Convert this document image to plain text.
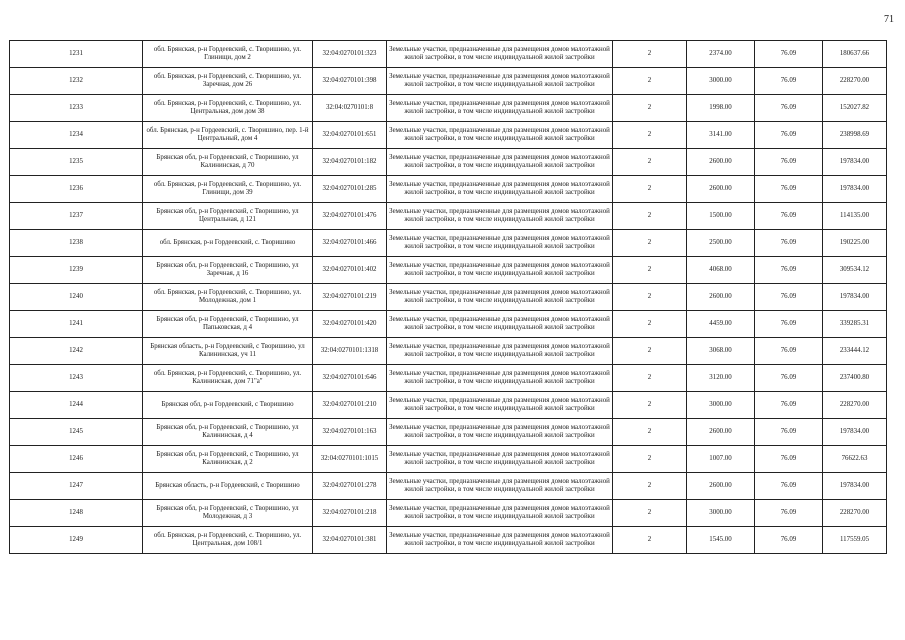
71
1231	обл. Брянская, р-н Гордеевский, с. Творишино, ул. Глинищи, дом 2	32:04:0270101:323	Земельные участки, предназначенные для размещения домов малоэтажной жилой застройки, в том числе индивидуальной жилой застройки	2	2374.00	76.09	180637.66
1232	обл. Брянская, р-н Гордеевский, с. Творишино, ул. Заречная, дом 26	32:04:0270101:398	Земельные участки, предназначенные для размещения домов малоэтажной жилой застройки, в том числе индивидуальной жилой застройки	2	3000.00	76.09	228270.00
1233	обл. Брянская, р-н Гордеевский, с. Творишино, ул. Центральная, дом дом 38	32:04:0270101:8	Земельные участки, предназначенные для размещения домов малоэтажной жилой застройки, в том числе индивидуальной жилой застройки	2	1998.00	76.09	152027.82
1234	обл. Брянская, р-н Гордеевский, с. Творишино, пер. 1-й Центральный, дом 4	32:04:0270101:651	Земельные участки, предназначенные для размещения домов малоэтажной жилой застройки, в том числе индивидуальной жилой застройки	2	3141.00	76.09	238998.69
1235	Брянская обл, р-н Гордеевский, с Творишино, ул Калининская, д 70	32:04:0270101:182	Земельные участки, предназначенные для размещения домов малоэтажной жилой застройки, в том числе индивидуальной жилой застройки	2	2600.00	76.09	197834.00
1236	обл. Брянская, р-н Гордеевский, с. Творишино, ул. Глинищи, дом 39	32:04:0270101:285	Земельные участки, предназначенные для размещения домов малоэтажной жилой застройки, в том числе индивидуальной жилой застройки	2	2600.00	76.09	197834.00
1237	Брянская обл, р-н Гордеевский, с Творишино, ул Центральная, д 121	32:04:0270101:476	Земельные участки, предназначенные для размещения домов малоэтажной жилой застройки, в том числе индивидуальной жилой застройки	2	1500.00	76.09	114135.00
1238	обл. Брянская, р-н Гордеевский, с. Творишино	32:04:0270101:466	Земельные участки, предназначенные для размещения домов малоэтажной жилой застройки, в том числе индивидуальной жилой застройки	2	2500.00	76.09	190225.00
1239	Брянская обл, р-н Гордеевский, с Творишино, ул Заречная, д 16	32:04:0270101:402	Земельные участки, предназначенные для размещения домов малоэтажной жилой застройки, в том числе индивидуальной жилой застройки	2	4068.00	76.09	309534.12
1240	обл. Брянская, р-н Гордеевский, с. Творишино, ул. Молодежная, дом 1	32:04:0270101:219	Земельные участки, предназначенные для размещения домов малоэтажной жилой застройки, в том числе индивидуальной жилой застройки	2	2600.00	76.09	197834.00
1241	Брянская обл, р-н Гордеевский, с Творишино, ул Папьковская, д 4	32:04:0270101:420	Земельные участки, предназначенные для размещения домов малоэтажной жилой застройки, в том числе индивидуальной жилой застройки	2	4459.00	76.09	339285.31
1242	Брянская область, р-н Гордеевский, с Творишино, ул Калининская, уч 11	32:04:0270101:1318	Земельные участки, предназначенные для размещения домов малоэтажной жилой застройки, в том числе индивидуальной жилой застройки	2	3068.00	76.09	233444.12
1243	обл. Брянская, р-н Гордеевский, с. Творишино, ул. Калининская, дом 71"а"	32:04:0270101:646	Земельные участки, предназначенные для размещения домов малоэтажной жилой застройки, в том числе индивидуальной жилой застройки	2	3120.00	76.09	237400.80
1244	Брянская обл, р-н Гордеевский, с Творишино	32:04:0270101:210	Земельные участки, предназначенные для размещения домов малоэтажной жилой застройки, в том числе индивидуальной жилой застройки	2	3000.00	76.09	228270.00
1245	Брянская обл, р-н Гордеевский, с Творишино, ул Калининская, д 4	32:04:0270101:163	Земельные участки, предназначенные для размещения домов малоэтажной жилой застройки, в том числе индивидуальной жилой застройки	2	2600.00	76.09	197834.00
1246	Брянская обл, р-н Гордеевский, с Творишино, ул Калининская, д 2	32:04:0270101:1015	Земельные участки, предназначенные для размещения домов малоэтажной жилой застройки, в том числе индивидуальной жилой застройки	2	1007.00	76.09	76622.63
1247	Брянская область, р-н Гордеевский, с Творишино	32:04:0270101:278	Земельные участки, предназначенные для размещения домов малоэтажной жилой застройки, в том числе индивидуальной жилой застройки	2	2600.00	76.09	197834.00
1248	Брянская обл, р-н Гордеевский, с Творишино, ул Молодежная, д 3	32:04:0270101:218	Земельные участки, предназначенные для размещения домов малоэтажной жилой застройки, в том числе индивидуальной жилой застройки	2	3000.00	76.09	228270.00
1249	обл. Брянская, р-н Гордеевский, с. Творишино, ул. Центральная, дом 108/1	32:04:0270101:381	Земельные участки, предназначенные для размещения домов малоэтажной жилой застройки, в том числе индивидуальной жилой застройки	2	1545.00	76.09	117559.05
